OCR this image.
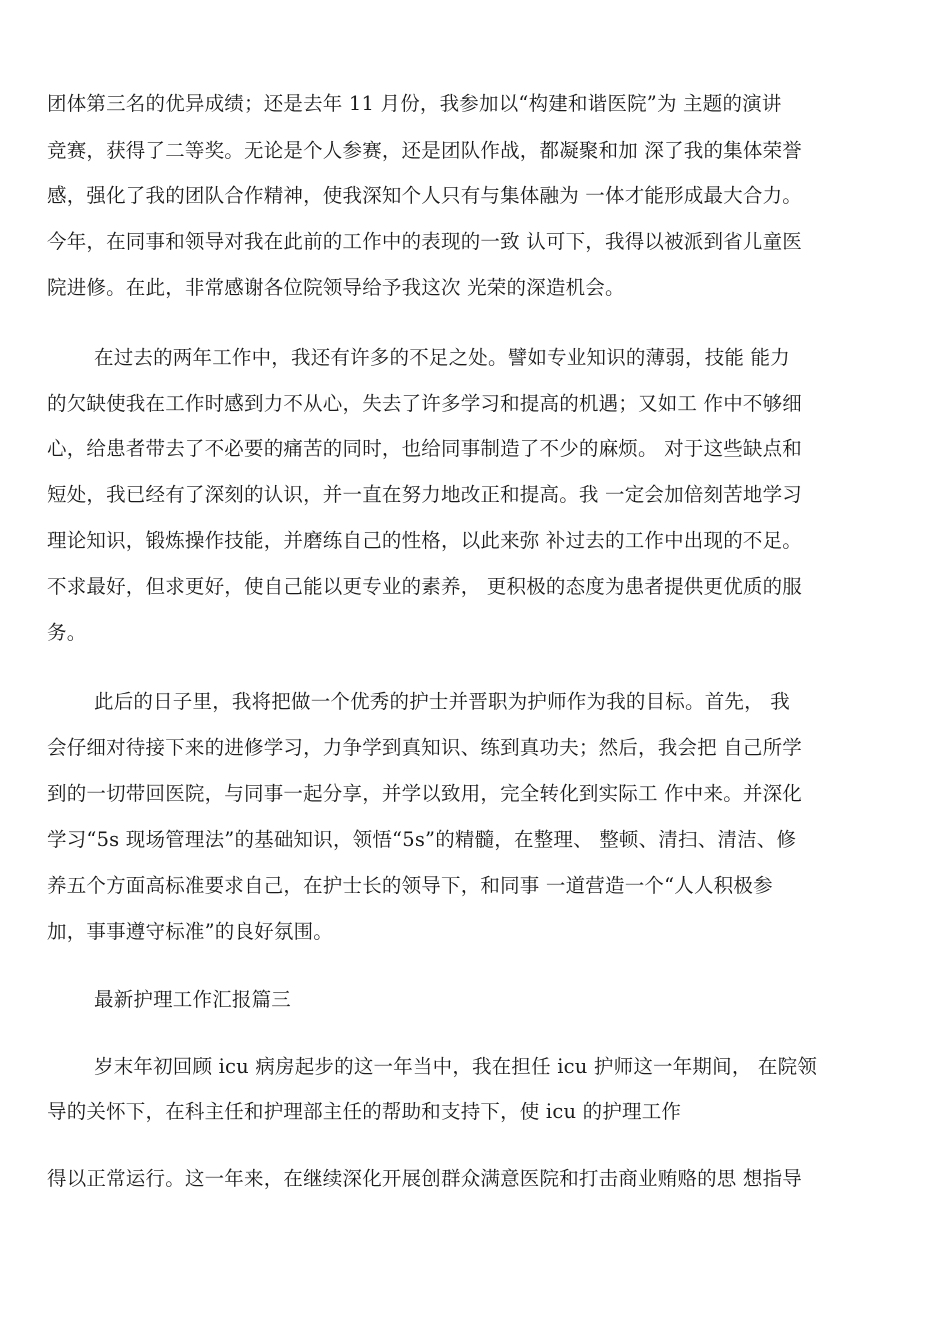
团体第三名的优异成绩；还是去年 11 月份，我参加以“构建和谐医院”为 主题的演讲
竞赛，获得了二等奖。无论是个人参赛，还是团队作战，都凝聚和加 深了我的集体荣誉
感，强化了我的团队合作精神，使我深知个人只有与集体融为 一体才能形成最大合力。
今年，在同事和领导对我在此前的工作中的表现的一致 认可下，我得以被派到省儿童医
院进修。在此，非常感谢各位院领导给予我这次 光荣的深造机会。
在过去的两年工作中，我还有许多的不足之处。譬如专业知识的薄弱，技能 能力
的欠缺使我在工作时感到力不从心，失去了许多学习和提高的机遇；又如工 作中不够细
心，给患者带去了不必要的痛苦的同时，也给同事制造了不少的麻烦。 对于这些缺点和
短处，我已经有了深刻的认识，并一直在努力地改正和提高。我 一定会加倍刻苦地学习
理论知识，锻炼操作技能，并磨练自己的性格，以此来弥 补过去的工作中出现的不足。
不求最好，但求更好，使自己能以更专业的素养， 更积极的态度为患者提供更优质的服
务。
此后的日子里，我将把做一个优秀的护士并晋职为护师作为我的目标。首先， 我
会仔细对待接下来的进修学习，力争学到真知识、练到真功夫；然后，我会把 自己所学
到的一切带回医院，与同事一起分享，并学以致用，完全转化到实际工 作中来。并深化
学习“5s 现场管理法”的基础知识，领悟“5s”的精髓，在整理、 整顿、清扫、清洁、修
养五个方面高标准要求自己，在护士长的领导下，和同事 一道营造一个“人人积极参
加，事事遵守标准”的良好氛围。
最新护理工作汇报篇三
岁末年初回顾 icu 病房起步的这一年当中，我在担任 icu 护师这一年期间， 在院领
导的关怀下，在科主任和护理部主任的帮助和支持下，使 icu 的护理工作
得以正常运行。这一年来，在继续深化开展创群众满意医院和打击商业贿赂的思 想指导
